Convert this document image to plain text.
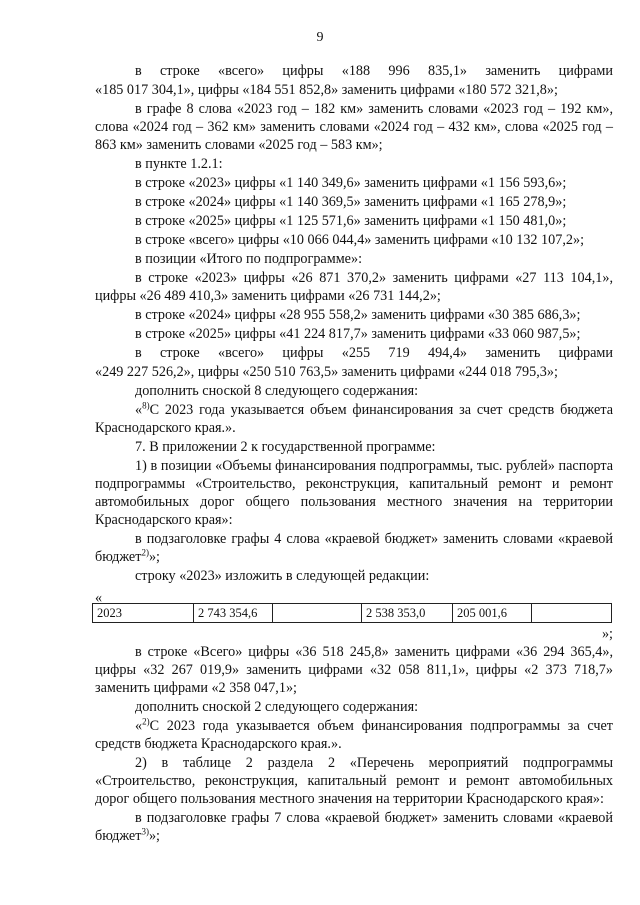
9

в строке «всего» цифры «188 996 835,1» заменить цифрами

«185 017 304,1», цифры «184 551 852,8» заменить цифрами «180 572 321,8»;

в графе 8 слова «2023 год – 182 км» заменить словами «2023 год – 192 км», слова «2024 год – 362 км» заменить словами «2024 год – 432 км», слова «2025 год – 863 км» заменить словами «2025 год – 583 км»;

в пункте 1.2.1:

в строке «2023» цифры «1 140 349,6» заменить цифрами «1 156 593,6»;

в строке «2024» цифры «1 140 369,5» заменить цифрами «1 165 278,9»;

в строке «2025» цифры «1 125 571,6» заменить цифрами «1 150 481,0»;

в строке «всего» цифры «10 066 044,4» заменить цифрами «10 132 107,2»;

в позиции «Итого по подпрограмме»:

в строке «2023» цифры «26 871 370,2» заменить цифрами «27 113 104,1», цифры «26 489 410,3» заменить цифрами «26 731 144,2»;

в строке «2024» цифры «28 955 558,2» заменить цифрами «30 385 686,3»;

в строке «2025» цифры «41 224 817,7» заменить цифрами «33 060 987,5»;

в строке «всего» цифры «255 719 494,4» заменить цифрами

«249 227 526,2», цифры «250 510 763,5» заменить цифрами «244 018 795,3»;

дополнить сноской 8 следующего содержания:

«$^{8)}$С 2023 года указывается объем финансирования за счет средств бюджета Краснодарского края.».

7. В приложении 2 к государственной программе:

1) в позиции «Объемы финансирования подпрограммы, тыс. рублей» паспорта подпрограммы «Строительство, реконструкция, капитальный ремонт и ремонт автомобильных дорог общего пользования местного значения на территории Краснодарского края»:

в подзаголовке графы 4 слова «краевой бюджет» заменить словами «краевой бюджет$^{2)}$»;

строку «2023» изложить в следующей редакции:

«
2023	2 743 354,6		2 538 353,0	205 001,6	
»;

в строке «Всего» цифры «36 518 245,8» заменить цифрами «36 294 365,4», цифры «32 267 019,9» заменить цифрами «32 058 811,1», цифры «2 373 718,7» заменить цифрами «2 358 047,1»;

дополнить сноской 2 следующего содержания:

«$^{2)}$С 2023 года указывается объем финансирования подпрограммы за счет средств бюджета Краснодарского края.».

2) в таблице 2 раздела 2 «Перечень мероприятий подпрограммы «Строительство, реконструкция, капитальный ремонт и ремонт автомобильных дорог общего пользования местного значения на территории Краснодарского края»:

в подзаголовке графы 7 слова «краевой бюджет» заменить словами «краевой бюджет$^{3)}$»;
